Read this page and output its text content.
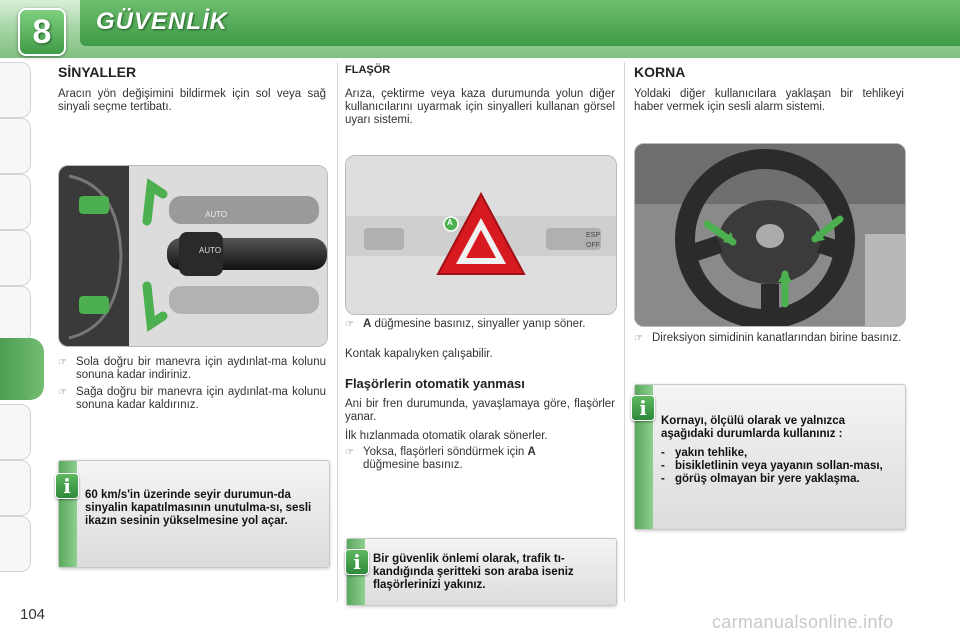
8	GÜVENLİK
SİNYALLER
Aracın yön değişimini bildirmek için sol veya sağ sinyali seçme tertibatı.
AUTO
AUTO
☞ Sola doğru bir manevra için aydınlat-ma kolunu sonuna kadar indiriniz.
☞ Sağa doğru bir manevra için aydınlat-ma kolunu sonuna kadar kaldırınız.
i	60 km/s'in üzerinde seyir durumun-da sinyalin kapatılmasının unutulma-sı, sesli ikazın sesinin yükselmesine yol açar.
FLAŞÖR
Arıza, çektirme veya kaza durumunda yolun diğer kullanıcılarını uyarmak için sinyalleri kullanan görsel uyarı sistemi.
A
ESP
OFF
☞ A düğmesine basınız, sinyaller yanıp söner.
Kontak kapalıyken çalışabilir.
Flaşörlerin otomatik yanması
Ani bir fren durumunda, yavaşlamaya göre, flaşörler yanar.
İlk hızlanmada otomatik olarak sönerler.
☞ Yoksa, flaşörleri söndürmek için A
düğmesine basınız.
i	Bir güvenlik önlemi olarak, trafik tı-kandığında şeritteki son araba iseniz flaşörlerinizi yakınız.
KORNA
Yoldaki diğer kullanıcılara yaklaşan bir tehlikeyi haber vermek için sesli alarm sistemi.
☞ Direksiyon simidinin kanatlarından birine basınız.
i
Kornayı, ölçülü olarak ve yalnızca aşağıdaki durumlarda kullanınız :
- yakın tehlike,
- bisikletlinin veya yayanın sollan-ması,
- görüş olmayan bir yere yaklaşma.
104	carmanualsonline.info
